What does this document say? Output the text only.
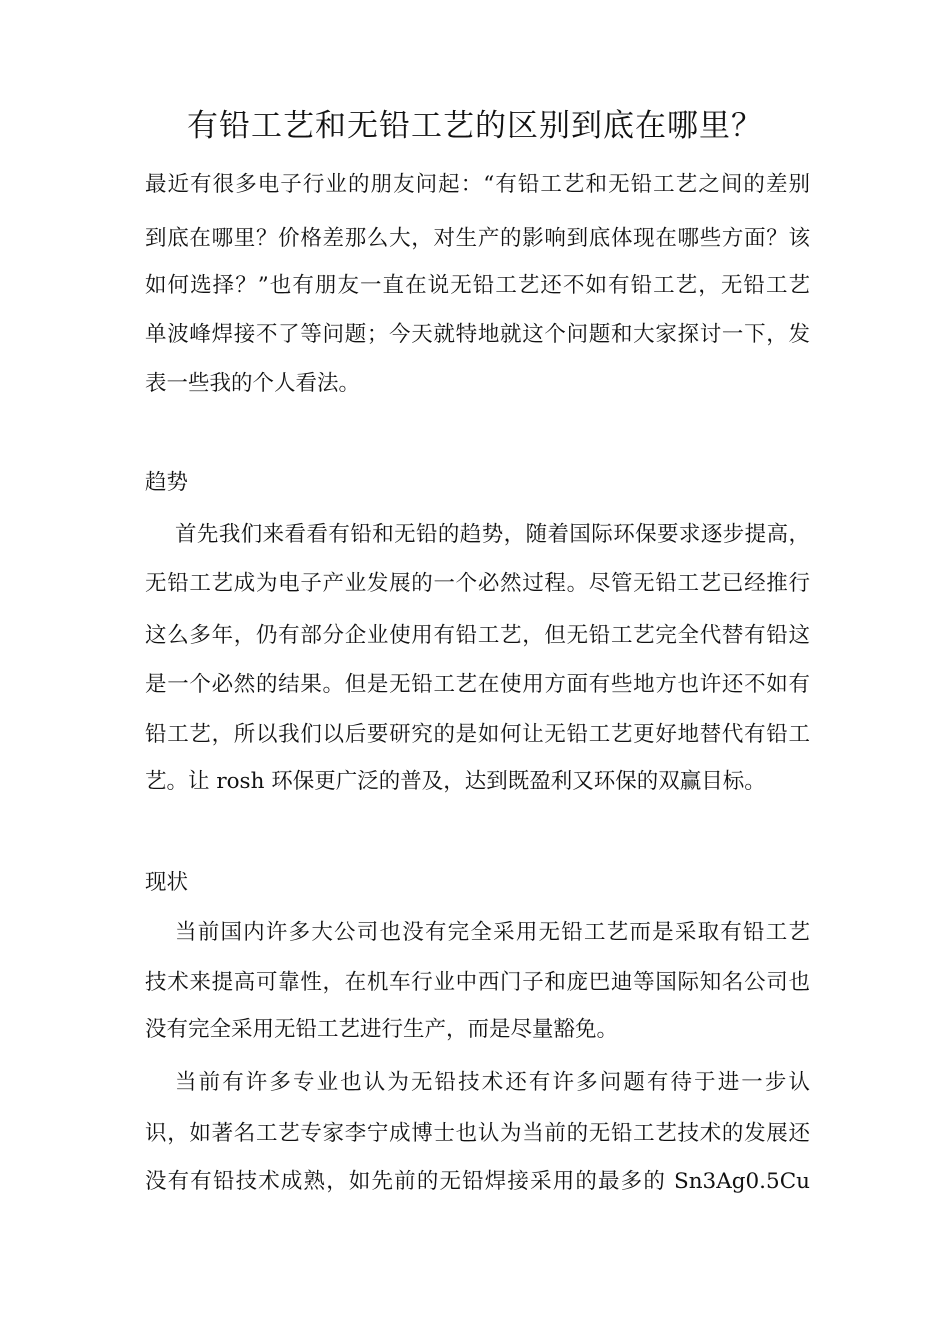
有铅工艺和无铅工艺的区别到底在哪里？

最近有很多电子行业的朋友问起：“有铅工艺和无铅工艺之间的差别

到底在哪里？价格差那么大，对生产的影响到底体现在哪些方面？该

如何选择？”也有朋友一直在说无铅工艺还不如有铅工艺，无铅工艺

单波峰焊接不了等问题；今天就特地就这个问题和大家探讨一下，发

表一些我的个人看法。

趋势

首先我们来看看有铅和无铅的趋势，随着国际环保要求逐步提高，

无铅工艺成为电子产业发展的一个必然过程。尽管无铅工艺已经推行

这么多年，仍有部分企业使用有铅工艺，但无铅工艺完全代替有铅这

是一个必然的结果。但是无铅工艺在使用方面有些地方也许还不如有

铅工艺，所以我们以后要研究的是如何让无铅工艺更好地替代有铅工

艺。让 rosh 环保更广泛的普及，达到既盈利又环保的双赢目标。

现状

当前国内许多大公司也没有完全采用无铅工艺而是采取有铅工艺

技术来提高可靠性，在机车行业中西门子和庞巴迪等国际知名公司也

没有完全采用无铅工艺进行生产，而是尽量豁免。

当前有许多专业也认为无铅技术还有许多问题有待于进一步认

识，如著名工艺专家李宁成博士也认为当前的无铅工艺技术的发展还

没有有铅技术成熟，如先前的无铅焊接采用的最多的 Sn3Ag0.5Cu
